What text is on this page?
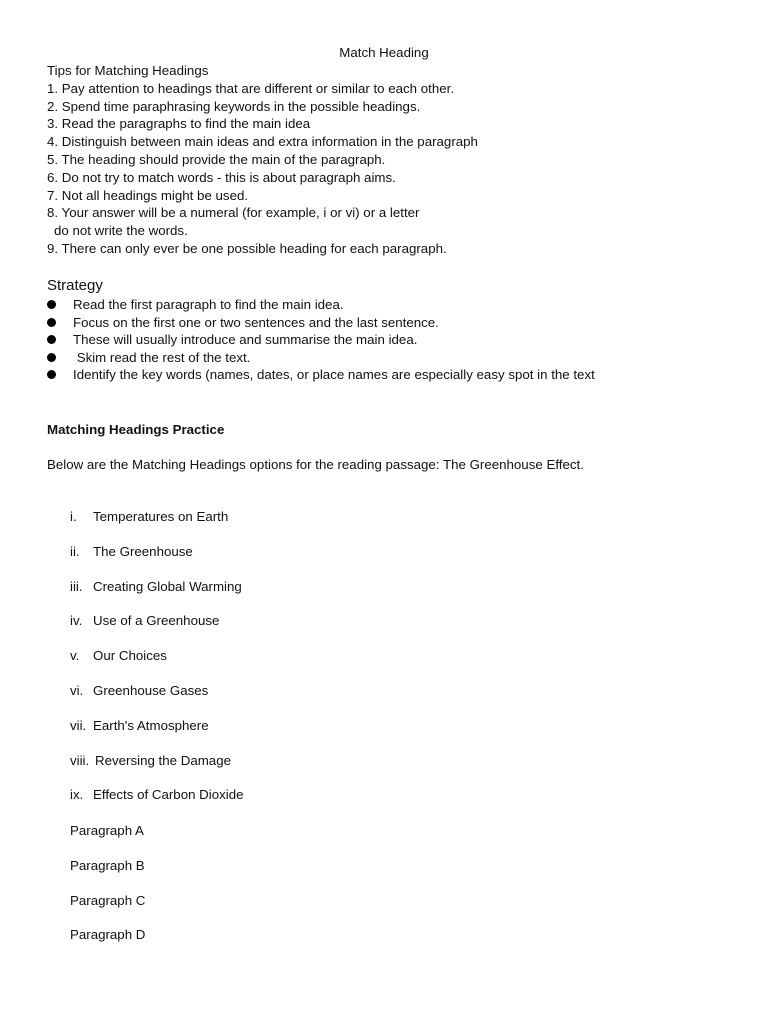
Match Heading
Tips for Matching Headings
1. Pay attention to headings that are different or similar to each other.
2. Spend time paraphrasing keywords in the possible headings.
3. Read the paragraphs to find the main idea
4. Distinguish between main ideas and extra information in the paragraph
5. The heading should provide the main of the paragraph.
6. Do not try to match words - this is about paragraph aims.
7. Not all headings might be used.
8. Your answer will be a numeral (for example, i or vi) or a letter
do not write the words.
9. There can only ever be one possible heading for each paragraph.
Strategy
Read the first paragraph to find the main idea.
Focus on the first one or two sentences and the last sentence.
These will usually introduce and summarise the main idea.
Skim read the rest of the text.
Identify the key words (names, dates, or place names are especially easy spot in the text
Matching Headings Practice
Below are the Matching Headings options for the reading passage: The Greenhouse Effect.
i. Temperatures on Earth
ii. The Greenhouse
iii. Creating Global Warming
iv. Use of a Greenhouse
v. Our Choices
vi. Greenhouse Gases
vii. Earth's Atmosphere
viii. Reversing the Damage
ix. Effects of Carbon Dioxide
Paragraph A
Paragraph B
Paragraph C
Paragraph D
